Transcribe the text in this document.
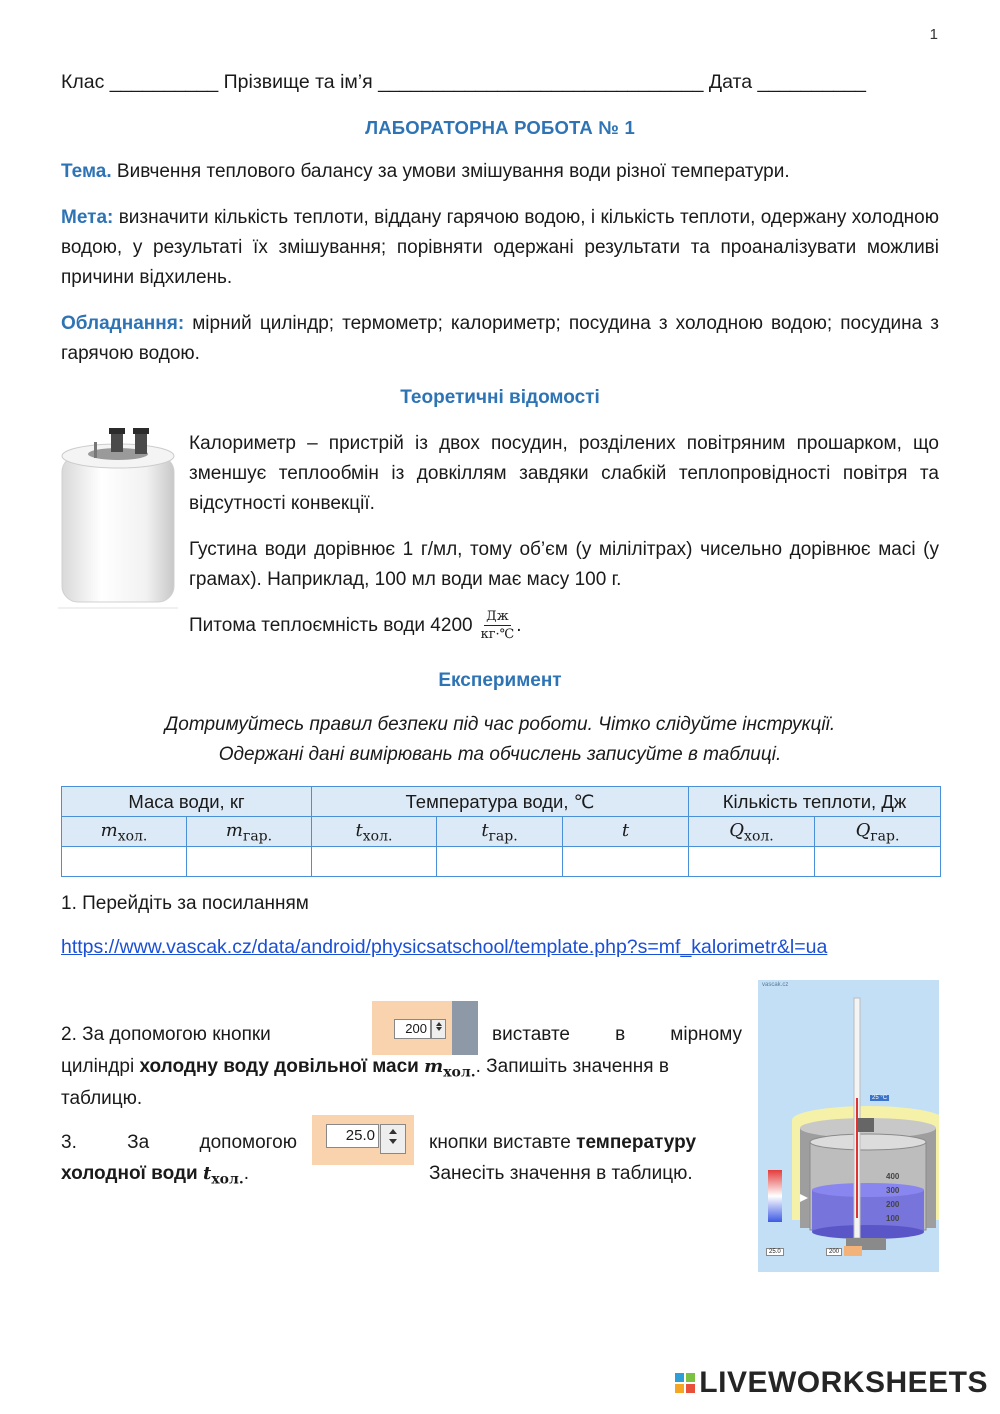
1
Клас __________ Прізвище та ім’я ______________________________ Дата __________
ЛАБОРАТОРНА РОБОТА № 1
Тема. Вивчення теплового балансу за умови змішування води різної температури.
Мета: визначити кількість теплоти, віддану гарячою водою, і кількість теплоти, одержану холодною водою, у результаті їх змішування; порівняти одержані результати та проаналізувати можливі причини відхилень.
Обладнання: мірний циліндр; термометр; калориметр; посудина з холодною водою; посудина з гарячою водою.
Теоретичні відомості
Калориметр – пристрій із двох посудин, розділених повітряним прошарком, що зменшує теплообмін із довкіллям завдяки слабкій теплопровідності повітря та відсутності конвекції.
Густина води дорівнює 1 г/мл, тому об’єм (у мілілітрах) чисельно дорівнює масі (у грамах). Наприклад, 100 мл води має масу 100 г.
Питома теплоємність води 4200 Дж
кг·℃ .
Експеримент
Дотримуйтесь правил безпеки під час роботи. Чітко слідуйте інструкції.
Одержані дані вимірювань та обчислень записуйте в таблиці.
Маса води, кг		Температура води, ℃			Кількість теплоти, Дж	
$m_{хол.}$	$m_{гар.}$	$t_{хол.}$	$t_{гар.}$	t	$Q_{хол.}$	$Q_{гар.}$

1. Перейдіть за посиланням
https://www.vascak.cz/data/android/physicsatschool/template.php?s=mf_kalorimetr&l=ua
2. За допомогою кнопки	200	виставте в мірному
циліндрі холодну воду довільної маси $m_{хол.}$. Запишіть значення в
таблицю.
3. За допомогою	25.0	кнопки виставте температуру
холодної води $t_{хол.}$.	Занесіть значення в таблицю.
vascak.cz
25 °C
400
300
200
100
25.0	200
LIVEWORKSHEETS
